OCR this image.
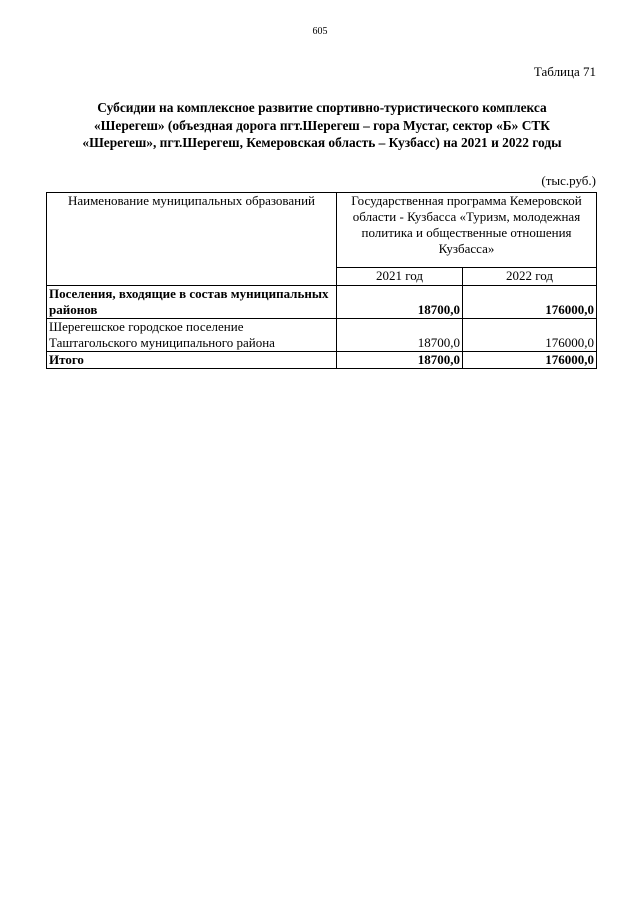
605
Таблица 71
Субсидии на комплексное развитие спортивно-туристического комплекса
«Шерегеш» (объездная дорога пгт.Шерегеш – гора Мустаг, сектор «Б» СТК
«Шерегеш», пгт.Шерегеш, Кемеровская область – Кузбасс) на 2021 и 2022 годы
(тыс.руб.)
Наименование муниципальных образований	Государственная программа Кемеровской области - Кузбасса «Туризм, молодежная политика и общественные отношения Кузбасса»	
	2021 год	2022 год
Поселения, входящие в состав муниципальных районов	18700,0	176000,0
Шерегешское городское поселение Таштагольского муниципального района	18700,0	176000,0
Итого	18700,0	176000,0
